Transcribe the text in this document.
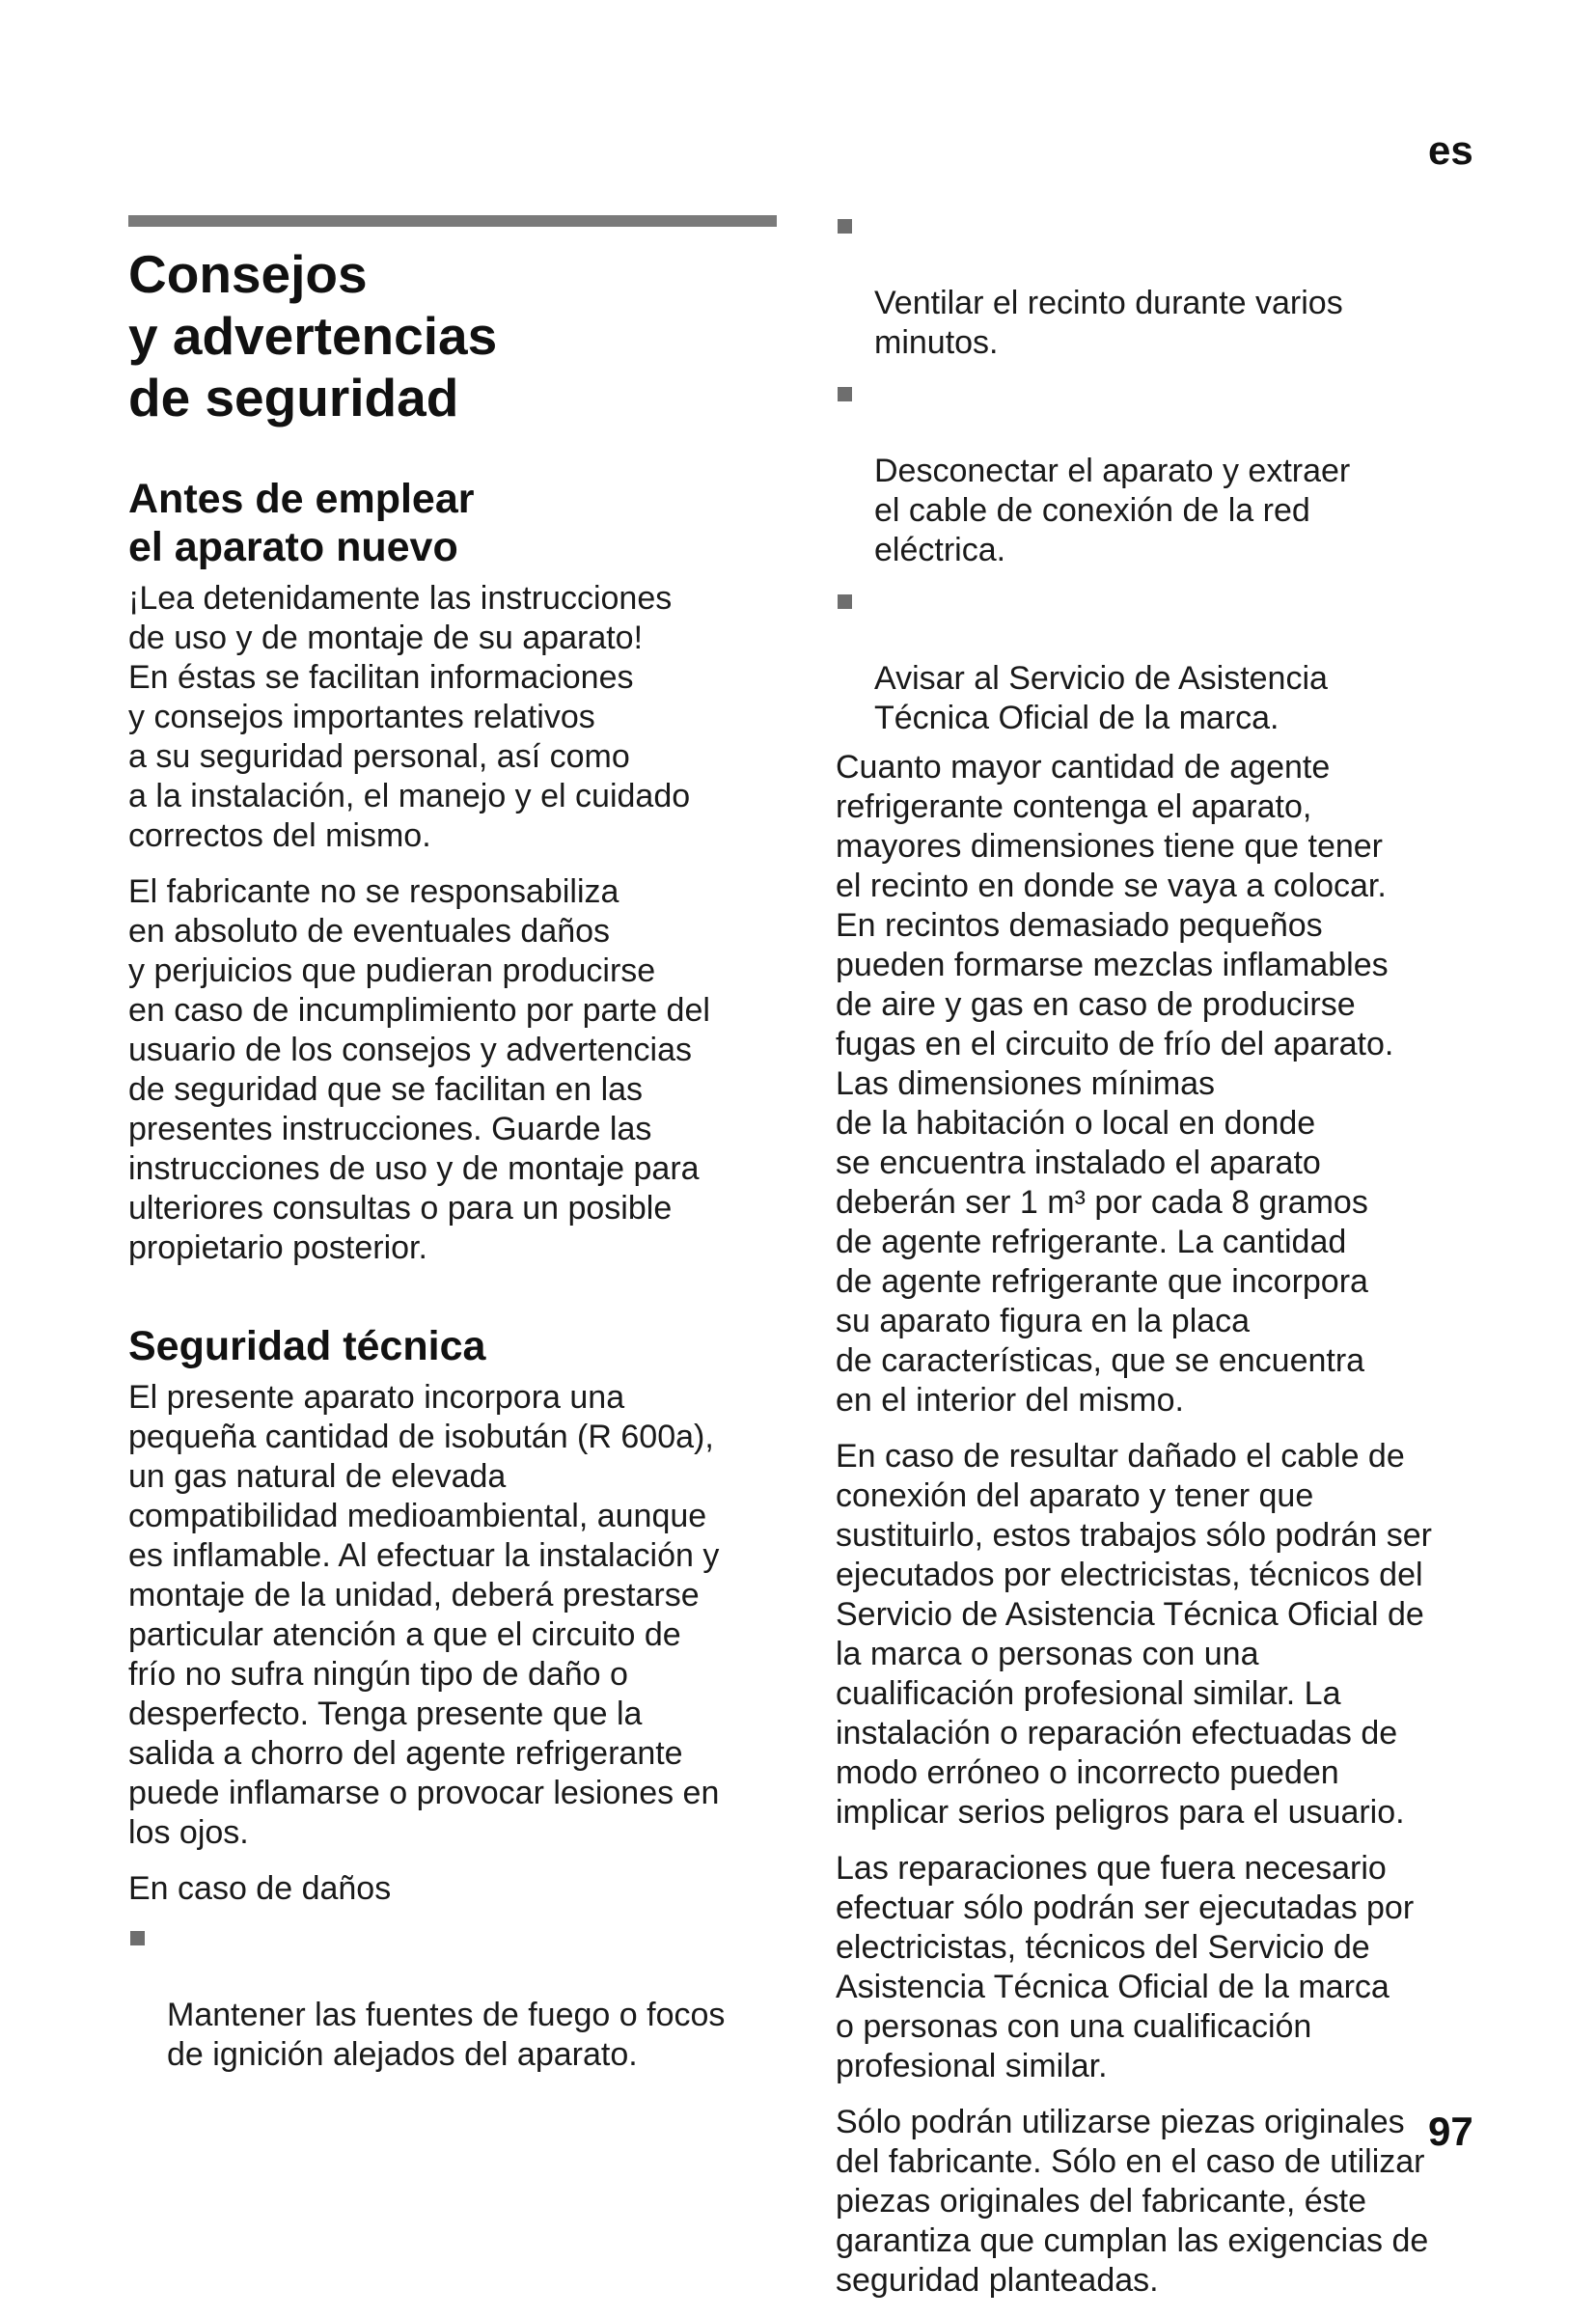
es
Consejos
y advertencias
de seguridad
Antes de emplear
el aparato nuevo

¡Lea detenidamente las instrucciones
de uso y de montaje de su aparato!
En éstas se facilitan informaciones
y consejos importantes relativos
a su seguridad personal, así como
a la instalación, el manejo y el cuidado
correctos del mismo.

El fabricante no se responsabiliza
en absoluto de eventuales daños
y perjuicios que pudieran producirse
en caso de incumplimiento por parte del
usuario de los consejos y advertencias
de seguridad que se facilitan en las
presentes instrucciones. Guarde las
instrucciones de uso y de montaje para
ulteriores consultas o para un posible
propietario posterior.

Seguridad técnica

El presente aparato incorpora una
pequeña cantidad de isobután (R 600a),
un gas natural de elevada
compatibilidad medioambiental, aunque
es inflamable. Al efectuar la instalación y
montaje de la unidad, deberá prestarse
particular atención a que el circuito de
frío no sufra ningún tipo de daño o
desperfecto. Tenga presente que la
salida a chorro del agente refrigerante
puede inflamarse o provocar lesiones en
los ojos.

En caso de daños

Mantener las fuentes de fuego o focos
de ignición alejados del aparato.

Ventilar el recinto durante varios
minutos.

Desconectar el aparato y extraer
el cable de conexión de la red
eléctrica.

Avisar al Servicio de Asistencia
Técnica Oficial de la marca.

Cuanto mayor cantidad de agente
refrigerante contenga el aparato,
mayores dimensiones tiene que tener
el recinto en donde se vaya a colocar.
En recintos demasiado pequeños
pueden formarse mezclas inflamables
de aire y gas en caso de producirse
fugas en el circuito de frío del aparato.
Las dimensiones mínimas
de la habitación o local en donde
se encuentra instalado el aparato
deberán ser 1 m³ por cada 8 gramos
de agente refrigerante. La cantidad
de agente refrigerante que incorpora
su aparato figura en la placa
de características, que se encuentra
en el interior del mismo.

En caso de resultar dañado el cable de
conexión del aparato y tener que
sustituirlo, estos trabajos sólo podrán ser
ejecutados por electricistas, técnicos del
Servicio de Asistencia Técnica Oficial de
la marca o personas con una
cualificación profesional similar. La
instalación o reparación efectuadas de
modo erróneo o incorrecto pueden
implicar serios peligros para el usuario.

Las reparaciones que fuera necesario
efectuar sólo podrán ser ejecutadas por
electricistas, técnicos del Servicio de
Asistencia Técnica Oficial de la marca
o personas con una cualificación
profesional similar.

Sólo podrán utilizarse piezas originales
del fabricante. Sólo en el caso de utilizar
piezas originales del fabricante, éste
garantiza que cumplan las exigencias de
seguridad planteadas.

97
